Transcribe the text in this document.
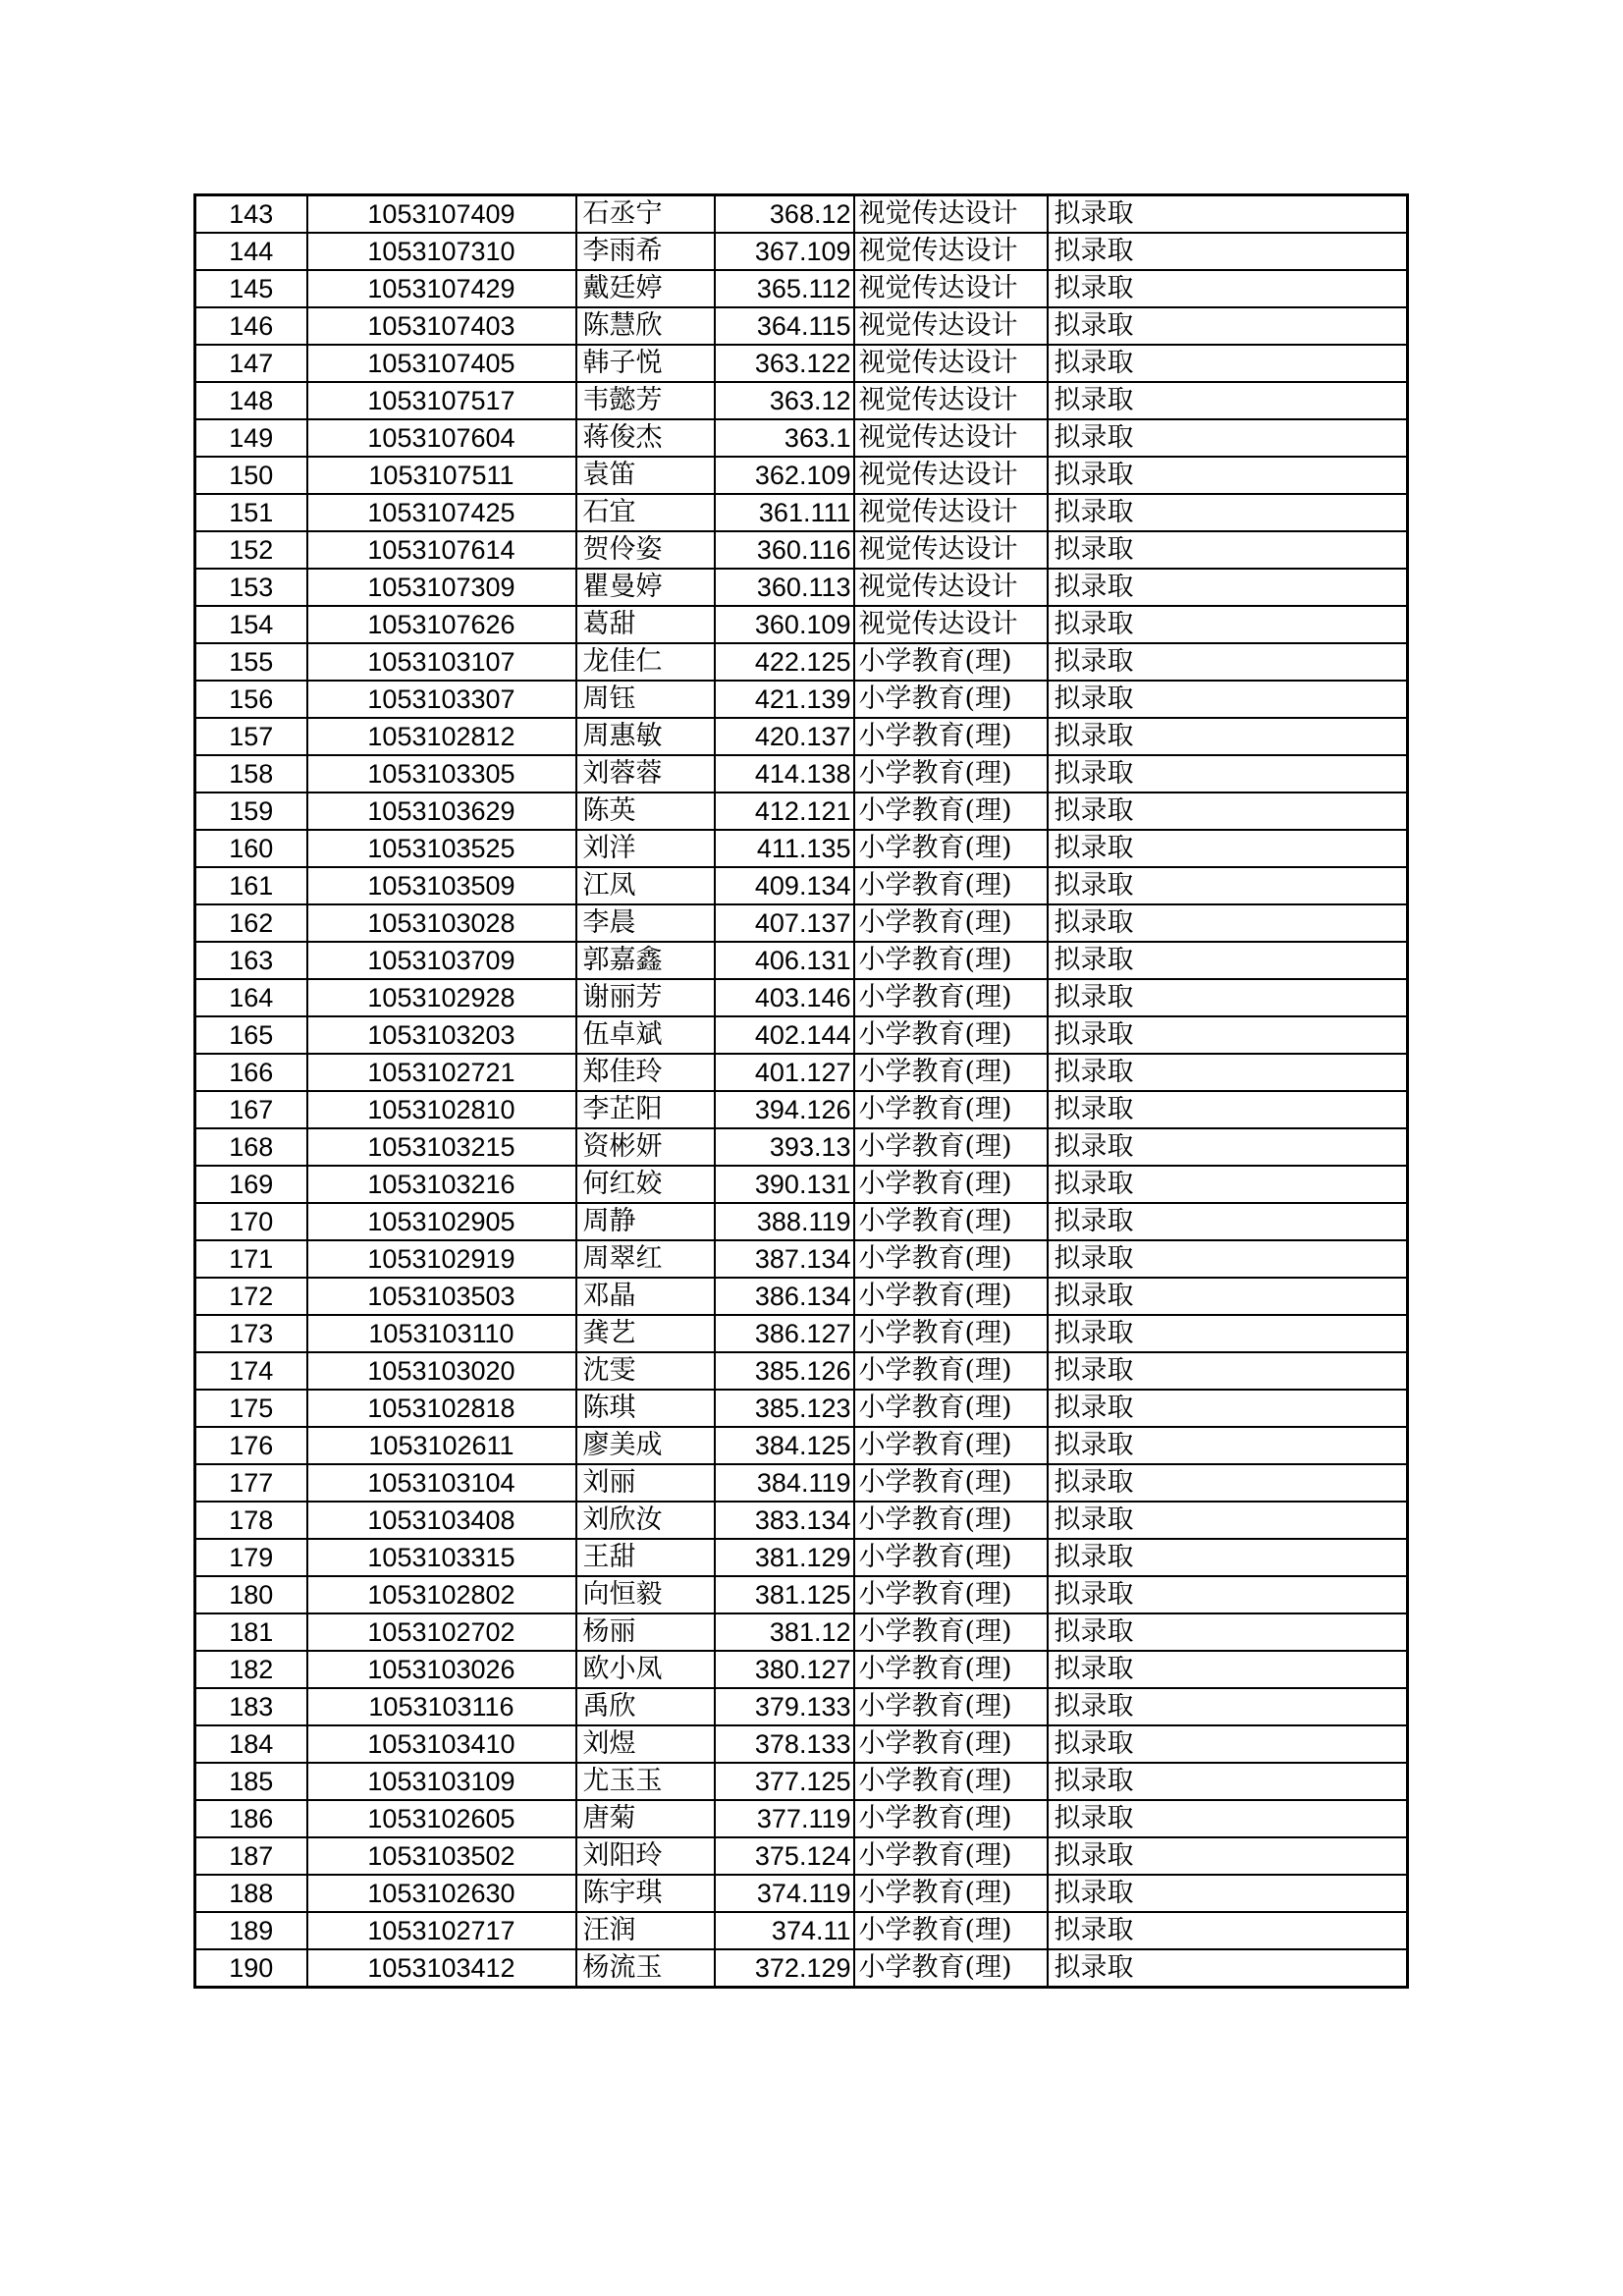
143	1053107409	石丞宁	368.12	视觉传达设计	拟录取
144	1053107310	李雨希	367.109	视觉传达设计	拟录取
145	1053107429	戴廷婷	365.112	视觉传达设计	拟录取
146	1053107403	陈慧欣	364.115	视觉传达设计	拟录取
147	1053107405	韩子悦	363.122	视觉传达设计	拟录取
148	1053107517	韦懿芳	363.12	视觉传达设计	拟录取
149	1053107604	蒋俊杰	363.1	视觉传达设计	拟录取
150	1053107511	袁笛	362.109	视觉传达设计	拟录取
151	1053107425	石宜	361.111	视觉传达设计	拟录取
152	1053107614	贺伶姿	360.116	视觉传达设计	拟录取
153	1053107309	瞿曼婷	360.113	视觉传达设计	拟录取
154	1053107626	葛甜	360.109	视觉传达设计	拟录取
155	1053103107	龙佳仁	422.125	小学教育(理)	拟录取
156	1053103307	周钰	421.139	小学教育(理)	拟录取
157	1053102812	周惠敏	420.137	小学教育(理)	拟录取
158	1053103305	刘蓉蓉	414.138	小学教育(理)	拟录取
159	1053103629	陈英	412.121	小学教育(理)	拟录取
160	1053103525	刘洋	411.135	小学教育(理)	拟录取
161	1053103509	江凤	409.134	小学教育(理)	拟录取
162	1053103028	李晨	407.137	小学教育(理)	拟录取
163	1053103709	郭嘉鑫	406.131	小学教育(理)	拟录取
164	1053102928	谢丽芳	403.146	小学教育(理)	拟录取
165	1053103203	伍卓斌	402.144	小学教育(理)	拟录取
166	1053102721	郑佳玲	401.127	小学教育(理)	拟录取
167	1053102810	李芷阳	394.126	小学教育(理)	拟录取
168	1053103215	资彬妍	393.13	小学教育(理)	拟录取
169	1053103216	何红姣	390.131	小学教育(理)	拟录取
170	1053102905	周静	388.119	小学教育(理)	拟录取
171	1053102919	周翠红	387.134	小学教育(理)	拟录取
172	1053103503	邓晶	386.134	小学教育(理)	拟录取
173	1053103110	龚艺	386.127	小学教育(理)	拟录取
174	1053103020	沈雯	385.126	小学教育(理)	拟录取
175	1053102818	陈琪	385.123	小学教育(理)	拟录取
176	1053102611	廖美成	384.125	小学教育(理)	拟录取
177	1053103104	刘丽	384.119	小学教育(理)	拟录取
178	1053103408	刘欣汝	383.134	小学教育(理)	拟录取
179	1053103315	王甜	381.129	小学教育(理)	拟录取
180	1053102802	向恒毅	381.125	小学教育(理)	拟录取
181	1053102702	杨丽	381.12	小学教育(理)	拟录取
182	1053103026	欧小凤	380.127	小学教育(理)	拟录取
183	1053103116	禹欣	379.133	小学教育(理)	拟录取
184	1053103410	刘煜	378.133	小学教育(理)	拟录取
185	1053103109	尤玉玉	377.125	小学教育(理)	拟录取
186	1053102605	唐菊	377.119	小学教育(理)	拟录取
187	1053103502	刘阳玲	375.124	小学教育(理)	拟录取
188	1053102630	陈宇琪	374.119	小学教育(理)	拟录取
189	1053102717	汪润	374.11	小学教育(理)	拟录取
190	1053103412	杨流玉	372.129	小学教育(理)	拟录取
